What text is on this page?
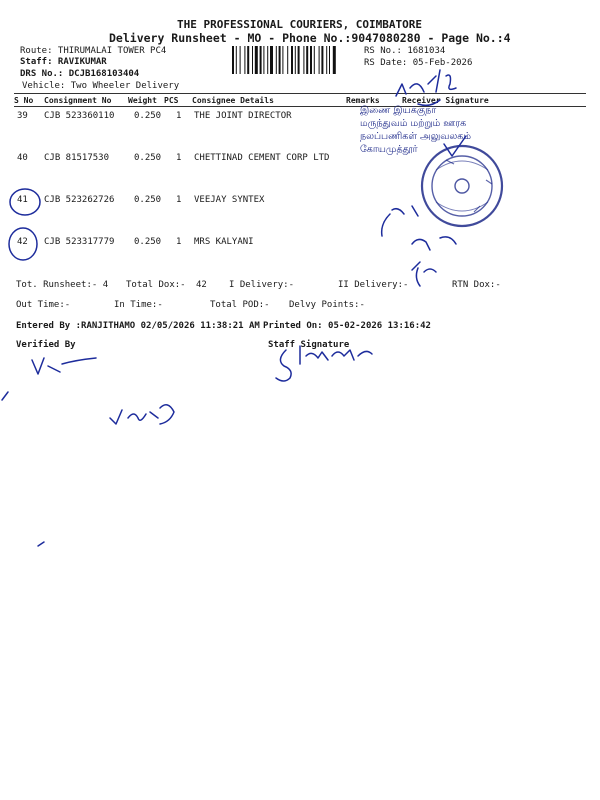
THE PROFESSIONAL COURIERS, COIMBATORE
Delivery Runsheet - MO - Phone No.:9047080280 - Page No.:4
Route: THIRUMALAI TOWER PC4
Staff: RAVIKUMAR
DRS No.: DCJB168103404
Vehicle: Two Wheeler Delivery
RS No.: 1681034
RS Date: 05-Feb-2026
S No Consignment No Weight PCS Consignee Details	Remarks	Receiver Signature
39 CJB 523360110 0.250 1 THE JOINT DIRECTOR
40 CJB 81517530	0.250 1 CHETTINAD CEMENT CORP LTD
41 CJB 523262726 0.250 1 VEEJAY SYNTEX
42 CJB 523317779 0.250 1 MRS KALYANI
Tot. Runsheet:- 4 Total Dox:- 42 I Delivery:-	II Delivery:-	RTN Dox:-
Out Time:-	In Time:-	Total POD:- Delvy Points:-
Entered By :RANJITHAMO 02/05/2026 11:38:21 AM Printed On: 05-02-2026 13:16:42
Verified By	Staff Signature
இணை இயக்குநர்
மருந்துவம் மற்றும் ஊரக
நலப்பணிகள் அலுவலகம்
கோயமுத்தூர்
